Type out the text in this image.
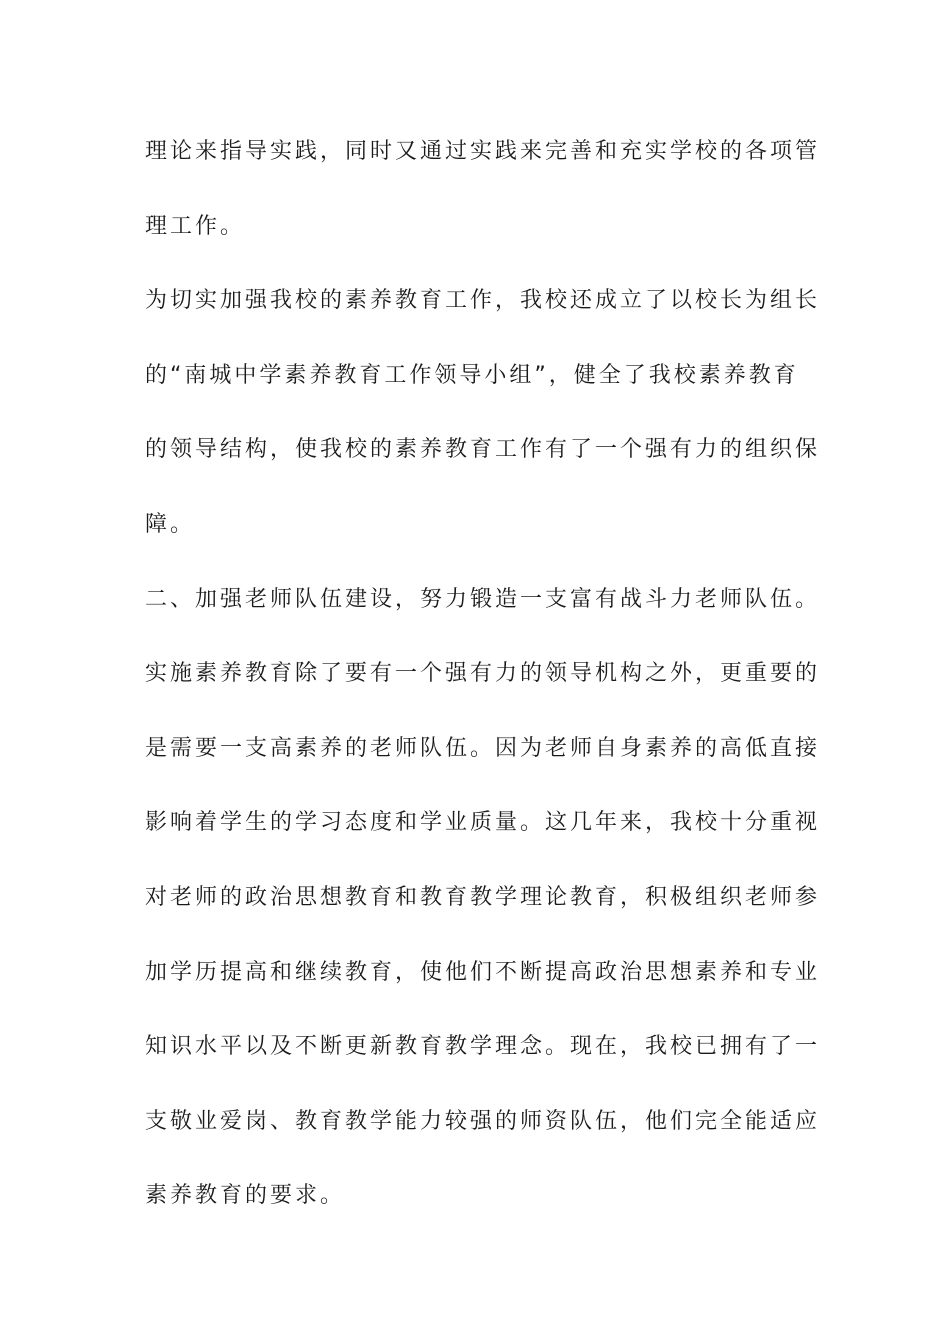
理论来指导实践，同时又通过实践来完善和充实学校的各项管
理工作。
为切实加强我校的素养教育工作，我校还成立了以校长为组长
的“南城中学素养教育工作领导小组”，健全了我校素养教育
的领导结构，使我校的素养教育工作有了一个强有力的组织保
障。
二、加强老师队伍建设，努力锻造一支富有战斗力老师队伍。
实施素养教育除了要有一个强有力的领导机构之外，更重要的
是需要一支高素养的老师队伍。因为老师自身素养的高低直接
影响着学生的学习态度和学业质量。这几年来，我校十分重视
对老师的政治思想教育和教育教学理论教育，积极组织老师参
加学历提高和继续教育，使他们不断提高政治思想素养和专业
知识水平以及不断更新教育教学理念。现在，我校已拥有了一
支敬业爱岗、教育教学能力较强的师资队伍，他们完全能适应
素养教育的要求。
